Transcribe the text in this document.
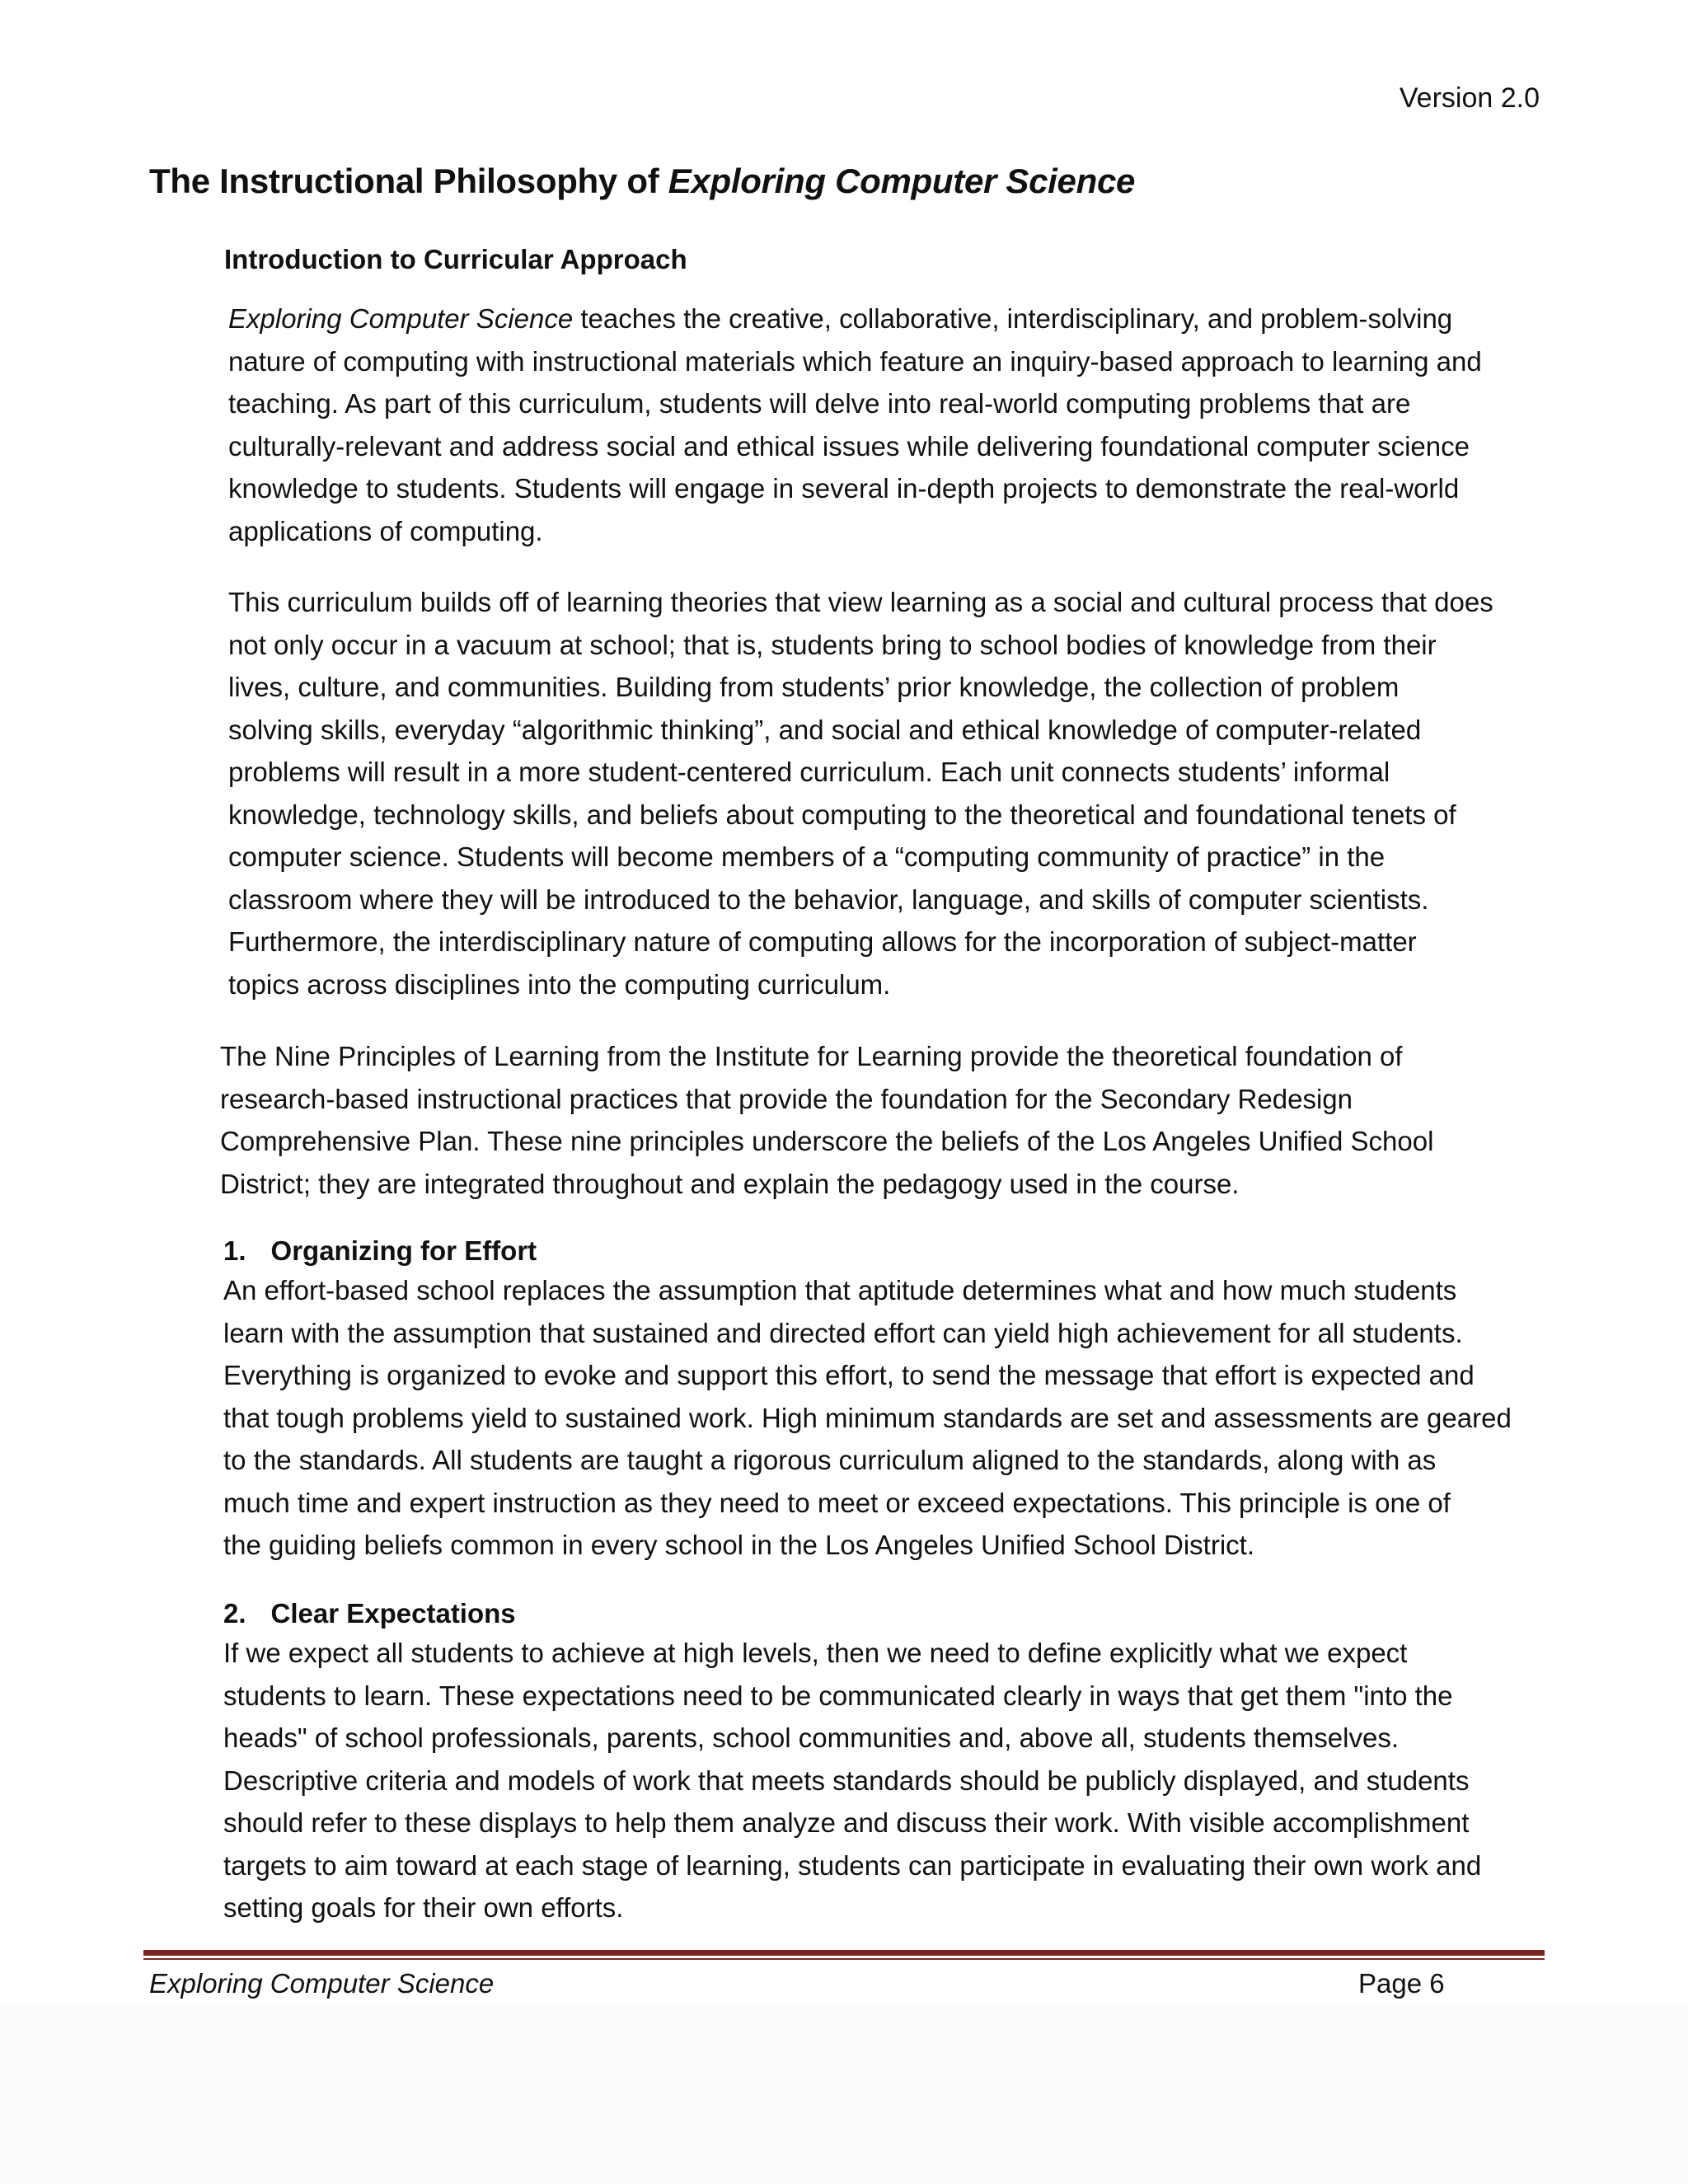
Version 2.0
The Instructional Philosophy of Exploring Computer Science
Introduction to Curricular Approach

Exploring Computer Science teaches the creative, collaborative, interdisciplinary, and problem-solving
nature of computing with instructional materials which feature an inquiry-based approach to learning and
teaching. As part of this curriculum, students will delve into real-world computing problems that are
culturally-relevant and address social and ethical issues while delivering foundational computer science
knowledge to students. Students will engage in several in-depth projects to demonstrate the real-world
applications of computing.

This curriculum builds off of learning theories that view learning as a social and cultural process that does
not only occur in a vacuum at school; that is, students bring to school bodies of knowledge from their
lives, culture, and communities. Building from students’ prior knowledge, the collection of problem
solving skills, everyday “algorithmic thinking”, and social and ethical knowledge of computer-related
problems will result in a more student-centered curriculum. Each unit connects students’ informal
knowledge, technology skills, and beliefs about computing to the theoretical and foundational tenets of
computer science. Students will become members of a “computing community of practice” in the
classroom where they will be introduced to the behavior, language, and skills of computer scientists.
Furthermore, the interdisciplinary nature of computing allows for the incorporation of subject-matter
topics across disciplines into the computing curriculum.

The Nine Principles of Learning from the Institute for Learning provide the theoretical foundation of
research-based instructional practices that provide the foundation for the Secondary Redesign
Comprehensive Plan. These nine principles underscore the beliefs of the Los Angeles Unified School
District; they are integrated throughout and explain the pedagogy used in the course.

1. Organizing for Effort

An effort-based school replaces the assumption that aptitude determines what and how much students
learn with the assumption that sustained and directed effort can yield high achievement for all students.
Everything is organized to evoke and support this effort, to send the message that effort is expected and
that tough problems yield to sustained work. High minimum standards are set and assessments are geared
to the standards. All students are taught a rigorous curriculum aligned to the standards, along with as
much time and expert instruction as they need to meet or exceed expectations. This principle is one of
the guiding beliefs common in every school in the Los Angeles Unified School District.

2. Clear Expectations

If we expect all students to achieve at high levels, then we need to define explicitly what we expect
students to learn. These expectations need to be communicated clearly in ways that get them "into the
heads" of school professionals, parents, school communities and, above all, students themselves.
Descriptive criteria and models of work that meets standards should be publicly displayed, and students
should refer to these displays to help them analyze and discuss their work. With visible accomplishment
targets to aim toward at each stage of learning, students can participate in evaluating their own work and
setting goals for their own efforts.

Exploring Computer Science	Page 6
